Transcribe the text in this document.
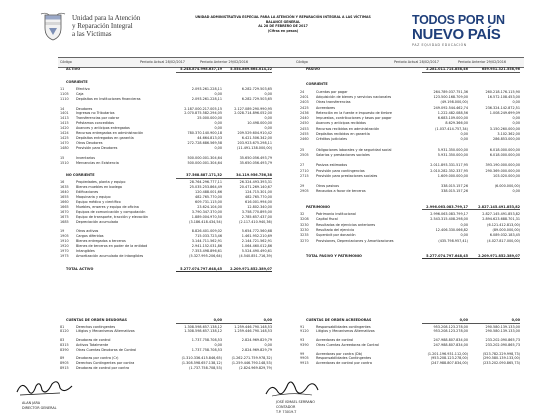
Unidad para la Atención
y Reparación Integral
a las Víctimas
UNIDAD ADMINISTRATIVA ESPECIAL PARA LA ATENCIÓN Y REPARACIÓN INTEGRAL A LAS VÍCTIMAS
BALANCE GENERAL
AL 28 DE FEBRERO DE 2017
(Cifras en pesos)
TODOS POR UN
NUEVO PAÍS
PAZ EQUIDAD EDUCACIÓN
Código	Período Actual 28/02/2017	Período Anterior 29/02/2016	Código	Período Actual 28/02/2017	Período Anterior 29/02/2016
ACTIVO	5.248.874.998.637,19	5.554.869.664.014,22
CORRIENTE
11	Efectivo	2.093.261.228,11	6.282.729.503,65
1105	Caja	0,00	0,00
1110	Depósitos en Instituciones financieras	2.093.261.228,11	6.282.729.503,65
14	Deudores	2.187.000.217.005,15	2.127.089.290.990,95
1401	Ingresos no Tributarios	2.070.875.582.294,05	2.028.714.896.052,00
1413	Transferencias por cobrar	25.000.000,00	0,00
1415	Préstamos concedidos	0,00	10.498.000,00
1420	Avances y anticipos entregados	0,00	0,00
1424	Recursos entregados en administración	780.370.140.900,18	209.529.604.910,42
1425	Depósitos entregados en garantía	44.664.813,03	6.421.506.342,00
1470	Otros Deudores	272.728.686.569,58	203.923.675.298,11
1480	Provisión para Deudores	0,00	(11.491.138.000,00)
15	Inventarios	500.000.001.304,64	35.650.056.493,79
1510	Mercancías en Existencia	500.000.001.304,64	35.650.056.493,79
NO CORRIENTE	37.568.887.171,32	34.119.956.756,38
16	Propiedades, planta y equipo	28.764.296.777,11	26.324.493.393,31
1635	Bienes muebles en bodega	25.035.253.864,49	20.471.269.140,67
1640	Edificaciones	120.488.001,66	124.715.301,00
1655	Maquinaria y equipo	482.765.770,00	482.765.770,00
1660	Equipo médico y científico	609.731.115,00	616.001.994,00
1665	Muebles, enseres y equipo de oficina	23.624.104,00	12.802.340,00
1670	Equipos de comunicación y computación	3.790.347.370,00	3.758.770.895,00
1675	Equipo de transporte, tracción y elevación	1.889.004.970,50	2.785.657.437,00
1685	Depreciación acumulada	(3.186.418.434,54)	(2.117.410.940,36)
19	Otros activos	8.826.401.009,02	5.654.772.560,68
1905	Cargos diferidos	715.033.723,46	1.461.952.210,69
1910	Bienes entregados a terceros	3.144.711.562,91	2.144.721.562,91
1920	Bienes de terceros en poder de la entidad	2.941.152.031,86	1.064.460.012,86
1970	Intangibles	7.353.498.896,61	5.524.490.490,61
1975	Amortización acumulada de intangibles	(5.327.995.206,64)	(4.540.851.716,39)
TOTAL ACTIVO	5.277.074.797.648,45	2.209.971.852.389,07
PASIVO	2.281.011.714.858,46	659.951.321.558,96
CORRIENTE
24	Cuentas por pagar	264.789.037.751,36	260.218.176.115,90
2401	Adquisición de bienes y servicios nacionales	123.500.168.709,00	16.572.108.453,00
2403	Otras transferencias	(49.198.000,00)	0,00
2425	Acreedores	249.092.544.462,74	236.324.142.872,51
2436	Retención en la fuente e impuesto de timbre	1.222.482.088,56	1.008.249.699,09
2440	Impuestos, contribuciones y tasas por pagar	6.683.109.000,00	0,00
2450	Avances y anticipos recibidos	8.629.366,00	0,00
2453	Recursos recibidos en administración	(1.037.414.757,34)	3.150.260.000,00
2455	Depósitos recibidos en garantía	0,00	3.102.362,00
2460	Créditos judiciales	0,00	286.853.000,00
25	Obligaciones laborales y de seguridad social	5.931.350.000,00	6.018.000.000,00
2505	Salarios y prestaciones sociales	5.931.350.000,00	6.018.000.000,00
27	Pasivos estimados	2.011.893.331.517,95	393.190.000.000,00
2710	Provisión para contingencias	2.010.282.352.337,95	290.369.000.000,00
2715	Provisión para prestaciones sociales	1.609.000.000,00	103.020.000,00
29	Otros pasivos	338.015.157,26	(6.000.000,00)
2905	Recaudos a favor de terceros	338.015.157,26	0,00
PATRIMONIO	2.996.063.083.799,17	2.827.145.491.853,82
32	Patrimonio institucional	2.996.063.083.799,17	2.827.145.491.853,82
3208	Capital fiscal	2.543.315.408.298,00	2.894.623.688.701,31
3230	Resultados de ejercicios anteriores	0,00	(6.121.412.813,00)
3230	Resultado del ejercicio	12.406.330.066,82	(89.000.000,00)
3235	Superávit por donación	0,00	6.089.032.183,45
3270	Provisiones, Depreciaciones y Amortizaciones	(435.798.957,41)	(4.027.817.000,00)
TOTAL PASIVO Y PATRIMONIO	5.277.074.797.648,45	2.209.971.852.389,07
CUENTAS DE ORDEN DEUDORAS	0,00	0,00
81	Derechos contingentes	1.308.598.657.138,12	1.259.446.790.148,53
8120	Litigios y Mecanismos Alternativos	1.308.598.657.138,12	1.259.446.790.148,53
83	Deudoras de control	1.737.758.708,53	2.824.969.829,79
8315	Activos Totalmente	0,00	0,00
8390	Otras Cuentas Deudoras de Control	1.737.758.708,53	2.824.969.829,79
89	Deudoras por contra (Cr)	(1.310.336.415.846,65)	(1.262.271.759.978,32)
8905	Derechos Contingentes por contra	(1.308.598.657.138,12)	(1.259.446.790.148,53)
8915	Deudoras de control por contra	(1.737.758.708,53)	(2.824.969.829,79)
CUENTAS DE ORDEN ACREEDORAS	0,00	0,00
91	Responsabilidades contingentes	953.208.123.278,00	290.580.139.133,00
9120	Litigios y Mecanismos Alternativos	953.208.123.278,00	290.580.139.133,00
93	Acreedoras de control	247.988.807.834,00	233.202.090.865,73
9390	Otras Cuentas Acreedoras de Control	247.988.807.834,00	233.202.090.865,73
99	Acreedoras por contra (Db)	(1.201.196.931.112,00)	(523.782.229.998,73)
9905	Responsabilidades Contingentes	(953.208.123.278,00)	(290.580.139.133,00)
9915	Acreedoras de control por contra	(247.988.807.834,00)	(233.202.090.865,73)
ALAN JARA
DIRECTOR GENERAL
JOSÉ ISMAEL SERRANO
CONTADOR
T.P. 73019-T
